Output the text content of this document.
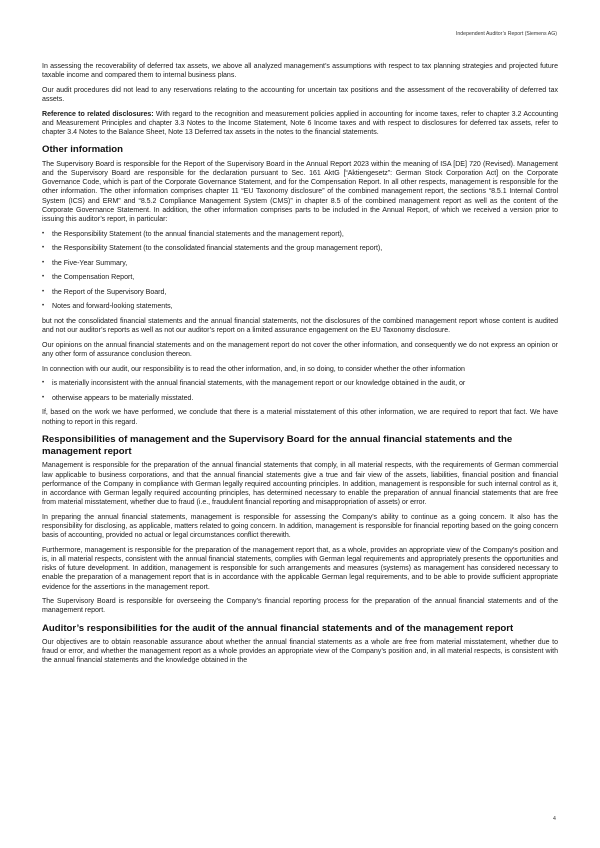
Independent Auditor’s Report (Siemens AG)

In assessing the recoverability of deferred tax assets, we above all analyzed management’s assumptions with respect to tax planning strategies and projected future taxable income and compared them to internal business plans.

Our audit procedures did not lead to any reservations relating to the accounting for uncertain tax positions and the assessment of the recoverability of deferred tax assets.

Reference to related disclosures: With regard to the recognition and measurement policies applied in accounting for income taxes, refer to chapter 3.2 Accounting and Measurement Principles and chapter 3.3 Notes to the Income Statement, Note 6 Income taxes and with respect to disclosures for deferred tax assets, refer to chapter 3.4 Notes to the Balance Sheet, Note 13 Deferred tax assets in the notes to the financial statements.

Other information

The Supervisory Board is responsible for the Report of the Supervisory Board in the Annual Report 2023 within the meaning of ISA [DE] 720 (Revised). Management and the Supervisory Board are responsible for the declaration pursuant to Sec. 161 AktG [“Aktiengesetz”: German Stock Corporation Act] on the Corporate Governance Code, which is part of the Corporate Governance Statement, and for the Compensation Report. In all other respects, management is responsible for the other information. The other information comprises chapter 11 “EU Taxonomy disclosure” of the combined management report, the sections “8.5.1 Internal Control System (ICS) and ERM” and “8.5.2 Compliance Management System (CMS)” in chapter 8.5 of the combined management report as well as the content of the Corporate Governance Statement. In addition, the other information comprises parts to be included in the Annual Report, of which we received a version prior to issuing this auditor’s report, in particular:

• the Responsibility Statement (to the annual financial statements and the management report),
• the Responsibility Statement (to the consolidated financial statements and the group management report),
• the Five-Year Summary,
• the Compensation Report,
• the Report of the Supervisory Board,
• Notes and forward-looking statements,

but not the consolidated financial statements and the annual financial statements, not the disclosures of the combined management report whose content is audited and not our auditor’s reports as well as not our auditor’s report on a limited assurance engagement on the EU Taxonomy disclosure.

Our opinions on the annual financial statements and on the management report do not cover the other information, and consequently we do not express an opinion or any other form of assurance conclusion thereon.

In connection with our audit, our responsibility is to read the other information, and, in so doing, to consider whether the other information

• is materially inconsistent with the annual financial statements, with the management report or our knowledge obtained in the audit, or
• otherwise appears to be materially misstated.

If, based on the work we have performed, we conclude that there is a material misstatement of this other information, we are required to report that fact. We have nothing to report in this regard.

Responsibilities of management and the Supervisory Board for the annual financial statements and the management report

Management is responsible for the preparation of the annual financial statements that comply, in all material respects, with the requirements of German commercial law applicable to business corporations, and that the annual financial statements give a true and fair view of the assets, liabilities, financial position and financial performance of the Company in compliance with German legally required accounting principles. In addition, management is responsible for such internal control as it, in accordance with German legally required accounting principles, has determined necessary to enable the preparation of annual financial statements that are free from material misstatement, whether due to fraud (i.e., fraudulent financial reporting and misappropriation of assets) or error.

In preparing the annual financial statements, management is responsible for assessing the Company’s ability to continue as a going concern. It also has the responsibility for disclosing, as applicable, matters related to going concern. In addition, management is responsible for financial reporting based on the going concern basis of accounting, provided no actual or legal circumstances conflict therewith.

Furthermore, management is responsible for the preparation of the management report that, as a whole, provides an appropriate view of the Company’s position and is, in all material respects, consistent with the annual financial statements, complies with German legal requirements and appropriately presents the opportunities and risks of future development. In addition, management is responsible for such arrangements and measures (systems) as management has considered necessary to enable the preparation of a management report that is in accordance with the applicable German legal requirements, and to be able to provide sufficient appropriate evidence for the assertions in the management report.

The Supervisory Board is responsible for overseeing the Company’s financial reporting process for the preparation of the annual financial statements and of the management report.

Auditor’s responsibilities for the audit of the annual financial statements and of the management report

Our objectives are to obtain reasonable assurance about whether the annual financial statements as a whole are free from material misstatement, whether due to fraud or error, and whether the management report as a whole provides an appropriate view of the Company’s position and, in all material respects, is consistent with the annual financial statements and the knowledge obtained in the

4
